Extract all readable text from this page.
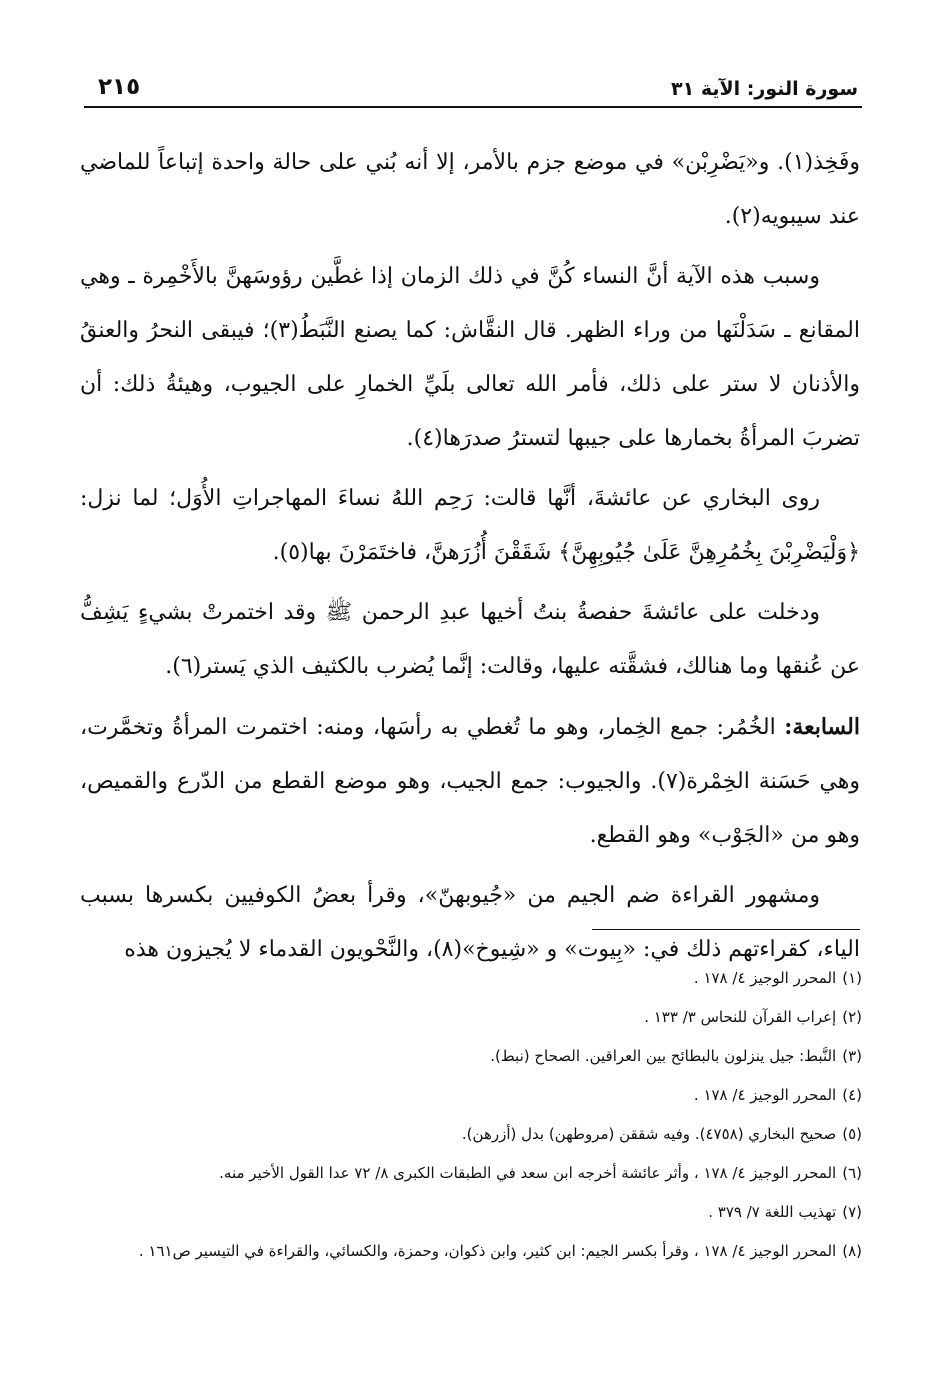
٢١٥	سورة النور: الآية ٣١

وفَخِذ(١). و«يَضْرِبْن» في موضع جزم بالأمر، إلا أنه بُني على حالة واحدة إتباعاً للماضي عند سيبويه(٢).

وسبب هذه الآية أنَّ النساء كُنَّ في ذلك الزمان إذا غطَّين رؤوسَهنَّ بالأَخْمِرة ـ وهي المقانع ـ سَدَلْنَها من وراء الظهر. قال النقَّاش: كما يصنع النَّبَطُ(٣)؛ فيبقى النحرُ والعنقُ والأذنان لا ستر على ذلك، فأمر الله تعالى بلَيِّ الخمارِ على الجيوب، وهيئةُ ذلك: أن تضربَ المرأةُ بخمارها على جيبها لتسترُ صدرَها(٤).

روى البخاري عن عائشةَ، أنَّها قالت: رَحِم اللهُ نساءَ المهاجراتِ الأُوَل؛ لما نزل: ﴿وَلْيَضْرِبْنَ بِخُمُرِهِنَّ عَلَىٰ جُيُوبِهِنَّ﴾ شَقَقْنَ أُزُرَهنَّ، فاختَمَرْنَ بها(٥).

ودخلت على عائشةَ حفصةُ بنتُ أخيها عبدِ الرحمن ﷺ وقد اختمرتْ بشيءٍ يَشِفُّ عن عُنقها وما هنالك، فشقَّته عليها، وقالت: إنَّما يُضرب بالكثيف الذي يَستر(٦).

السابعة: الخُمُر: جمع الخِمار، وهو ما تُغطي به رأسَها، ومنه: اختمرت المرأةُ وتخمَّرت، وهي حَسَنة الخِمْرة(٧). والجيوب: جمع الجيب، وهو موضع القطع من الدّرع والقميص، وهو من «الجَوْب» وهو القطع.

ومشهور القراءة ضم الجيم من «جُيوبهنّ»، وقرأ بعضُ الكوفيين بكسرها بسبب الياء، كقراءتهم ذلك في: «بِيوت» و «شِيوخ»(٨)، والنَّحْويون القدماء لا يُجيزون هذه

(١)المحرر الوجيز ٤/ ١٧٨ .
(٢)إعراب القرآن للنحاس ٣/ ١٣٣ .
(٣)النَّبط: جيل ينزلون بالبطائح بين العراقين. الصحاح (نبط).
(٤)المحرر الوجيز ٤/ ١٧٨ .
(٥)صحيح البخاري (٤٧٥٨). وفيه شققن (مروطهن) بدل (أزرهن).
(٦)المحرر الوجيز ٤/ ١٧٨ ، وأثر عائشة أخرجه ابن سعد في الطبقات الكبرى ٨/ ٧٢ عدا القول الأخير منه.
(٧)تهذيب اللغة ٧/ ٣٧٩ .
(٨)المحرر الوجيز ٤/ ١٧٨ ، وقرأ بكسر الجيم: ابن كثير، وابن ذكوان، وحمزة، والكسائي، والقراءة في التيسير ص١٦١ .
